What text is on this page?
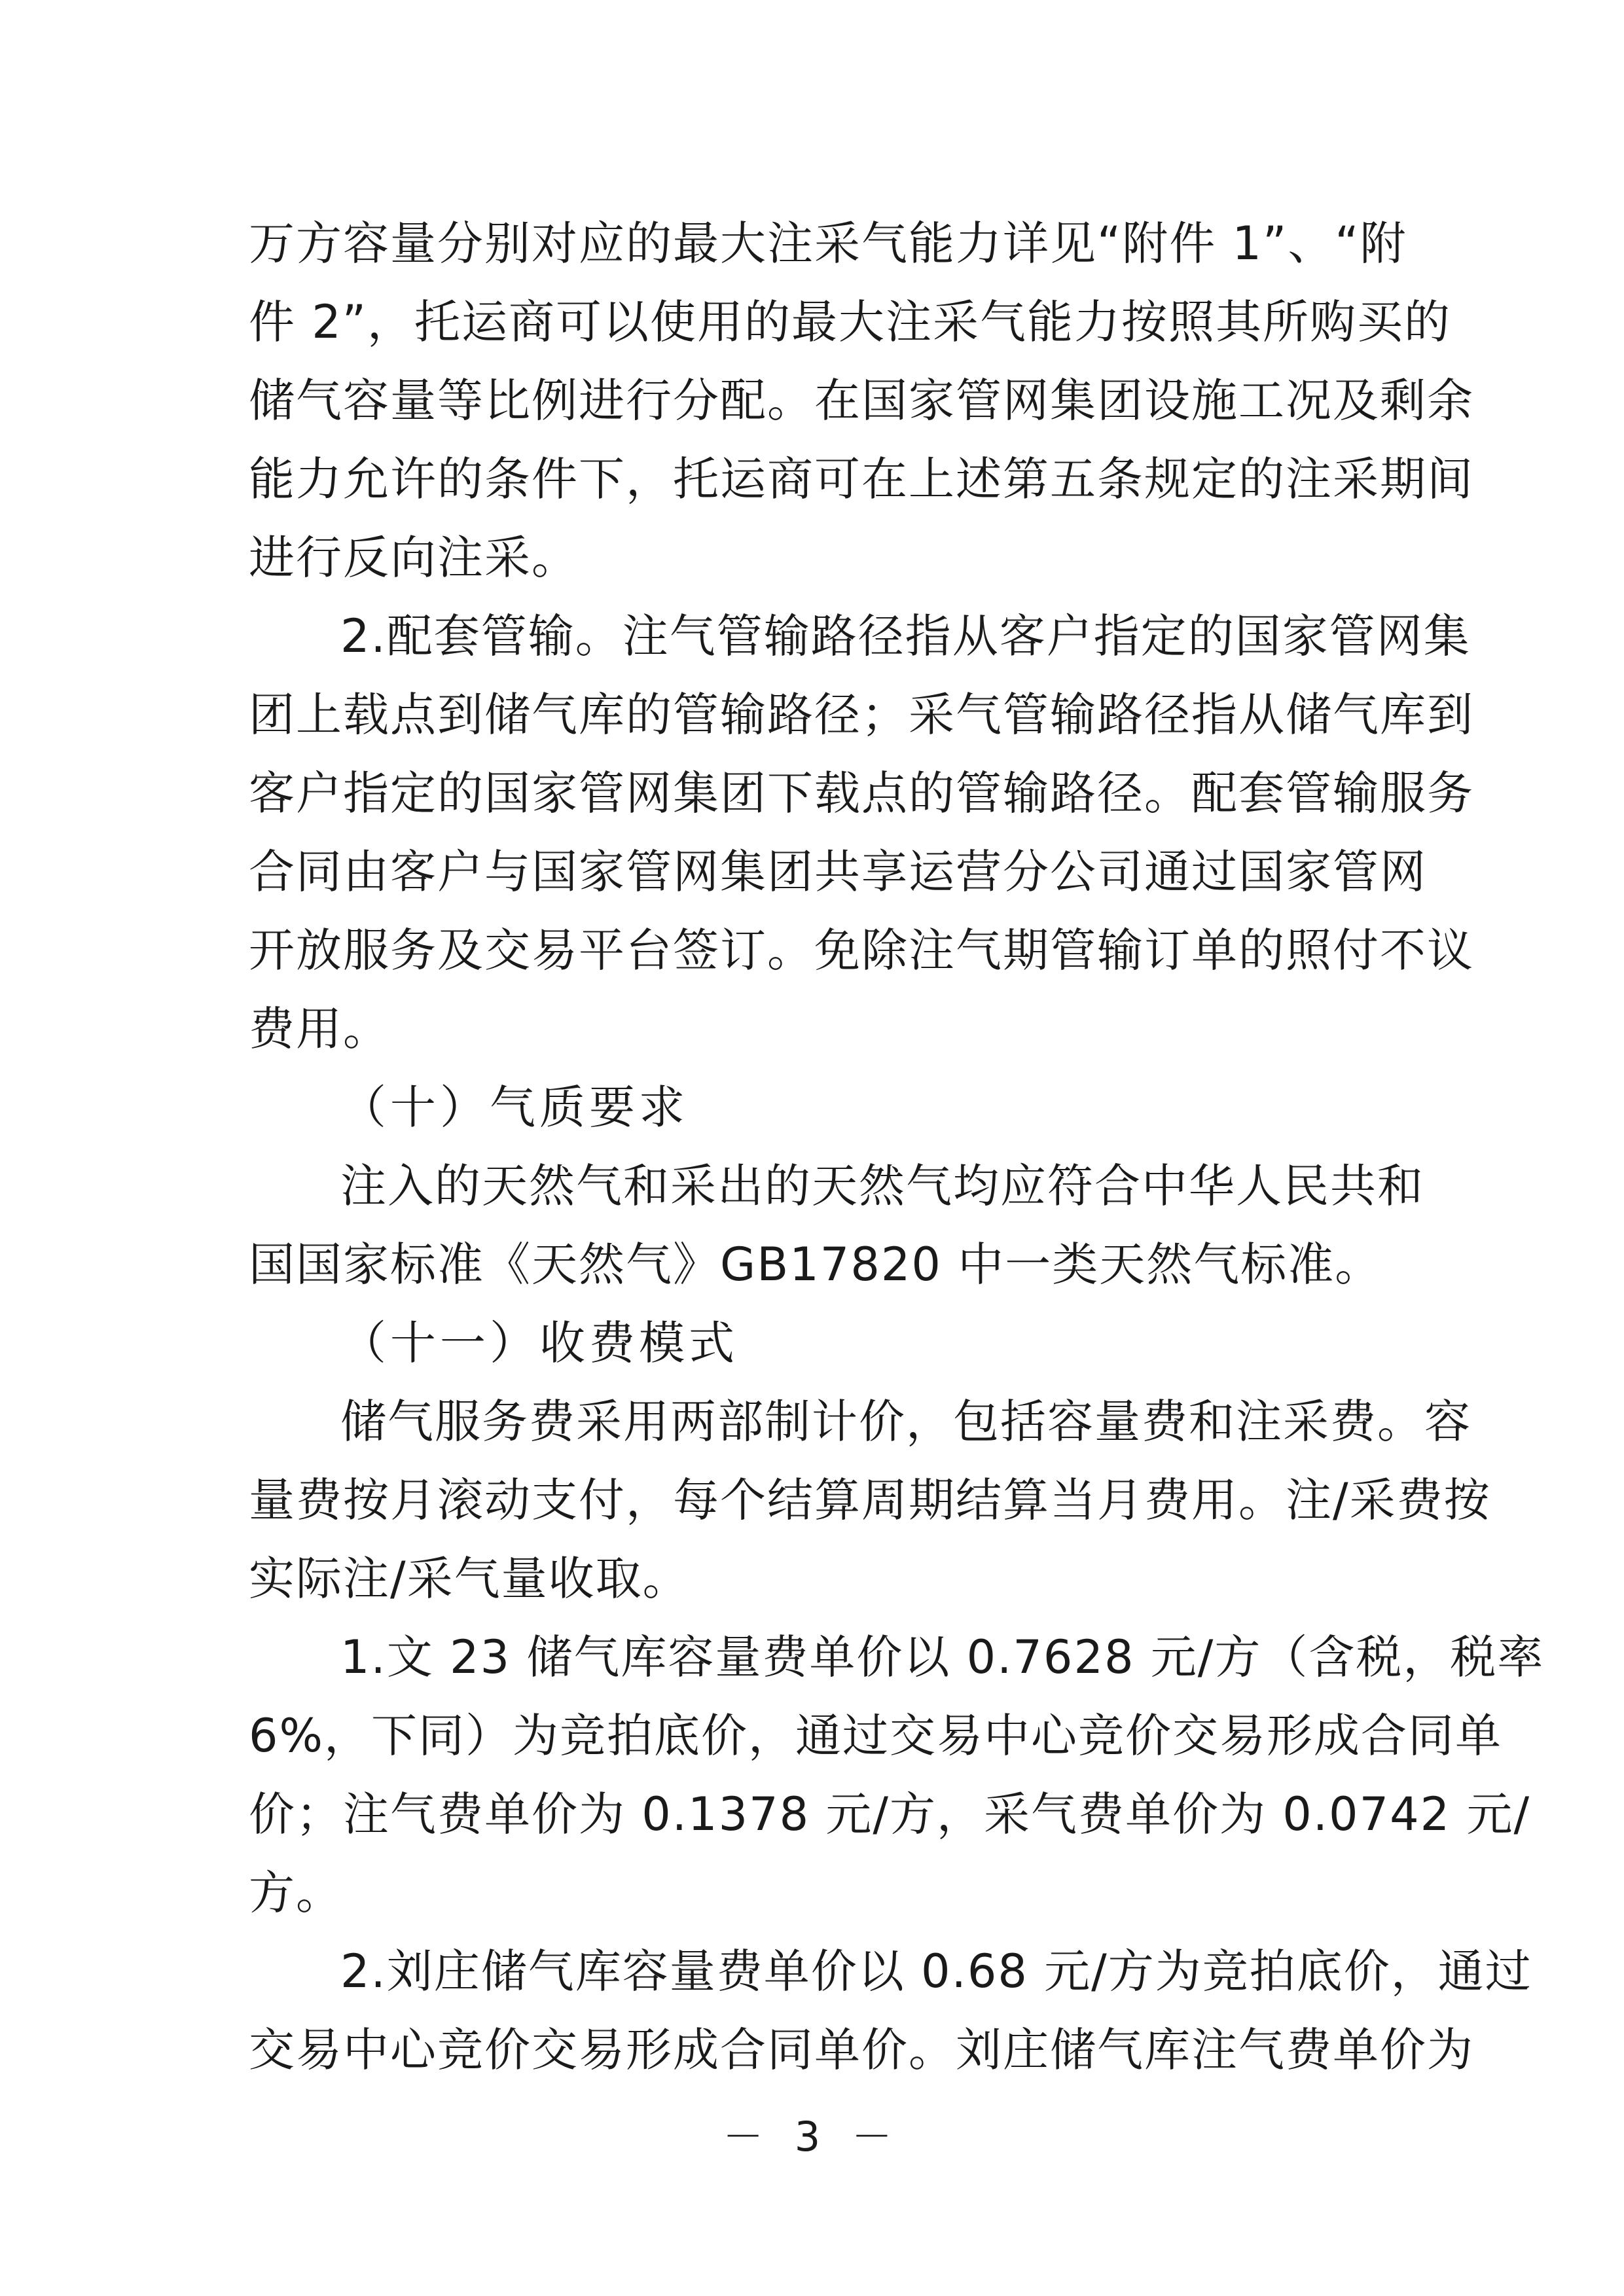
万方容量分别对应的最大注采气能力详见“附件 1”、“附
件 2”，托运商可以使用的最大注采气能力按照其所购买的
储气容量等比例进行分配。在国家管网集团设施工况及剩余
能力允许的条件下，托运商可在上述第五条规定的注采期间
进行反向注采。
2.配套管输。注气管输路径指从客户指定的国家管网集
团上载点到储气库的管输路径；采气管输路径指从储气库到
客户指定的国家管网集团下载点的管输路径。配套管输服务
合同由客户与国家管网集团共享运营分公司通过国家管网
开放服务及交易平台签订。免除注气期管输订单的照付不议
费用。
（十）气质要求
注入的天然气和采出的天然气均应符合中华人民共和
国国家标准《天然气》GB17820 中一类天然气标准。
（十一）收费模式
储气服务费采用两部制计价，包括容量费和注采费。容
量费按月滚动支付，每个结算周期结算当月费用。注/采费按
实际注/采气量收取。
1.文 23 储气库容量费单价以 0.7628 元/方（含税，税率
6%，下同）为竞拍底价，通过交易中心竞价交易形成合同单
价；注气费单价为 0.1378 元/方，采气费单价为 0.0742 元/
方。
2.刘庄储气库容量费单价以 0.68 元/方为竞拍底价，通过
交易中心竞价交易形成合同单价。刘庄储气库注气费单价为
－ 3 －
